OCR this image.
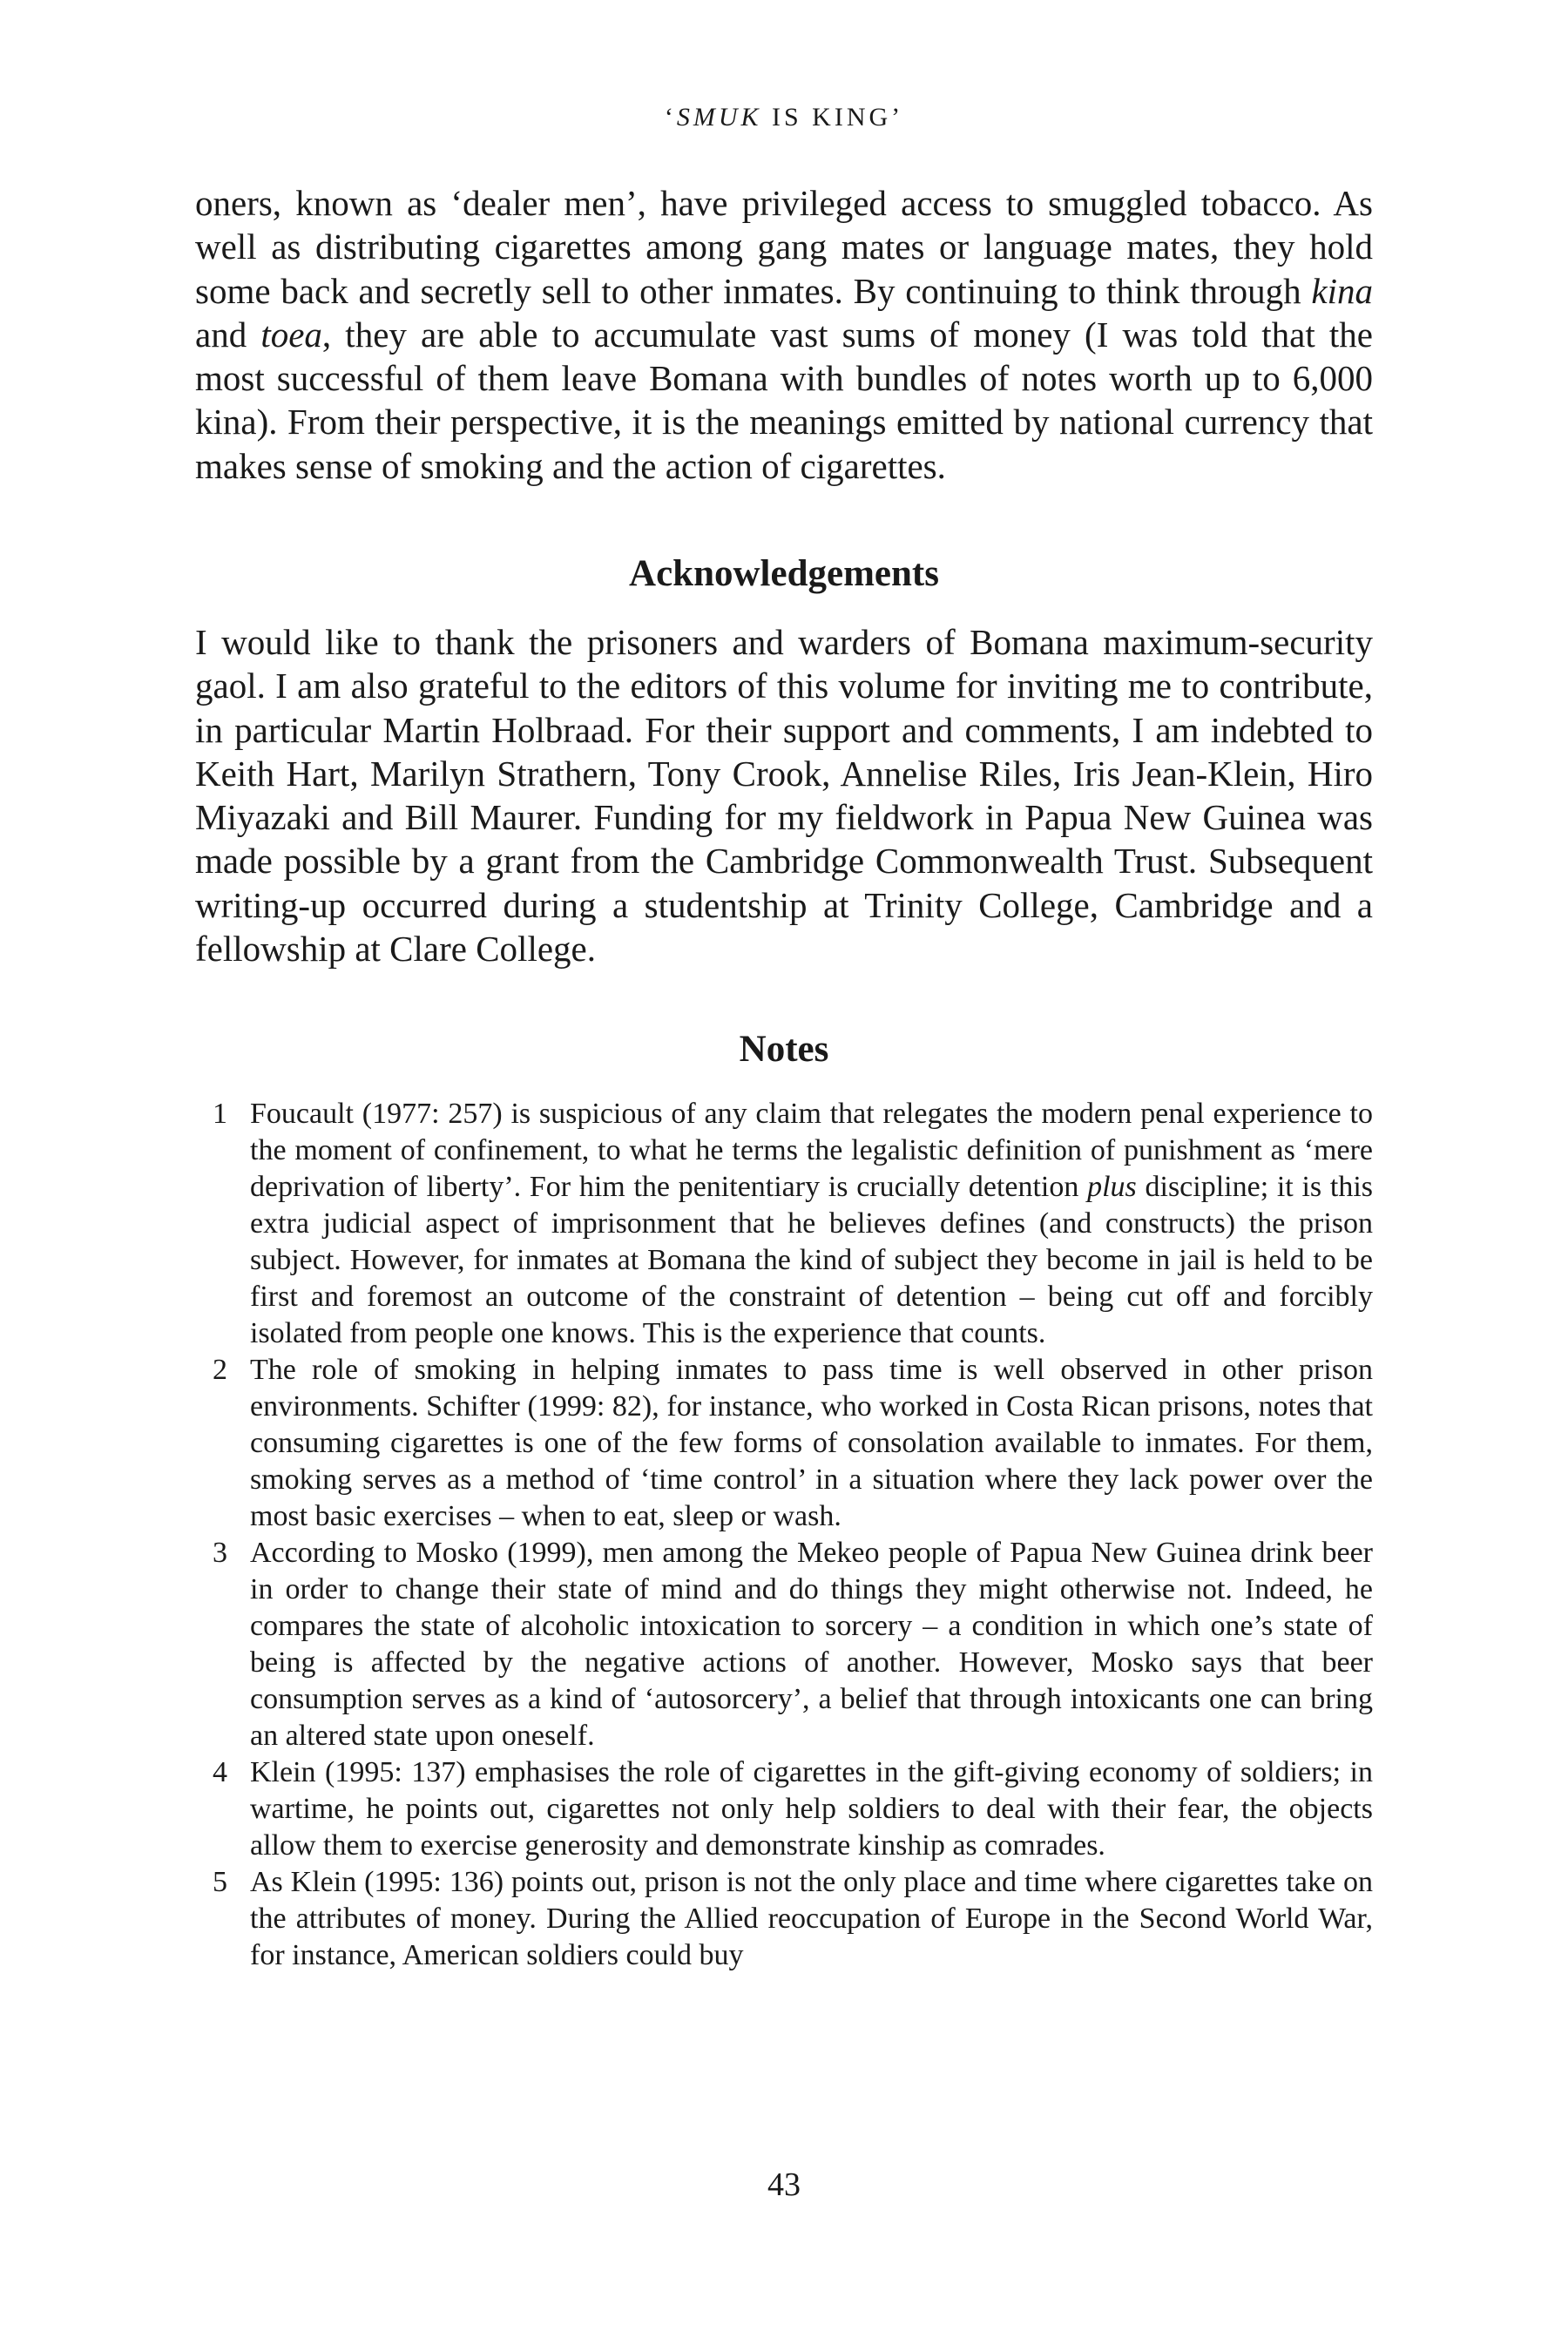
‘SMUK IS KING’

oners, known as ‘dealer men’, have privileged access to smuggled tobacco. As well as distributing cigarettes among gang mates or language mates, they hold some back and secretly sell to other inmates. By continuing to think through kina and toea, they are able to accumulate vast sums of money (I was told that the most successful of them leave Bomana with bundles of notes worth up to 6,000 kina). From their perspective, it is the meanings emitted by national currency that makes sense of smoking and the action of cigarettes.

Acknowledgements

I would like to thank the prisoners and warders of Bomana maximum-security gaol. I am also grateful to the editors of this volume for inviting me to contribute, in particular Martin Holbraad. For their support and comments, I am indebted to Keith Hart, Marilyn Strathern, Tony Crook, Annelise Riles, Iris Jean-Klein, Hiro Miyazaki and Bill Maurer. Funding for my fieldwork in Papua New Guinea was made possible by a grant from the Cambridge Commonwealth Trust. Subsequent writing-up occurred during a studentship at Trinity College, Cambridge and a fellowship at Clare College.

Notes
1 Foucault (1977: 257) is suspicious of any claim that relegates the modern penal experience to the moment of confinement, to what he terms the legalistic definition of punishment as ‘mere deprivation of liberty’. For him the penitentiary is crucially detention plus discipline; it is this extra judicial aspect of imprisonment that he believes defines (and constructs) the prison subject. However, for inmates at Bomana the kind of subject they become in jail is held to be first and foremost an outcome of the constraint of detention – being cut off and forcibly isolated from people one knows. This is the experience that counts.

2 The role of smoking in helping inmates to pass time is well observed in other prison environments. Schifter (1999: 82), for instance, who worked in Costa Rican prisons, notes that consuming cigarettes is one of the few forms of consolation available to inmates. For them, smoking serves as a method of ‘time control’ in a situation where they lack power over the most basic exercises – when to eat, sleep or wash.

3 According to Mosko (1999), men among the Mekeo people of Papua New Guinea drink beer in order to change their state of mind and do things they might otherwise not. Indeed, he compares the state of alcoholic intoxication to sorcery – a condition in which one’s state of being is affected by the negative actions of another. However, Mosko says that beer consumption serves as a kind of ‘autosorcery’, a belief that through intoxicants one can bring an altered state upon oneself.

4 Klein (1995: 137) emphasises the role of cigarettes in the gift-giving economy of soldiers; in wartime, he points out, cigarettes not only help soldiers to deal with their fear, the objects allow them to exercise generosity and demonstrate kinship as comrades.

5 As Klein (1995: 136) points out, prison is not the only place and time where cigarettes take on the attributes of money. During the Allied reoccupation of Europe in the Second World War, for instance, American soldiers could buy

43
